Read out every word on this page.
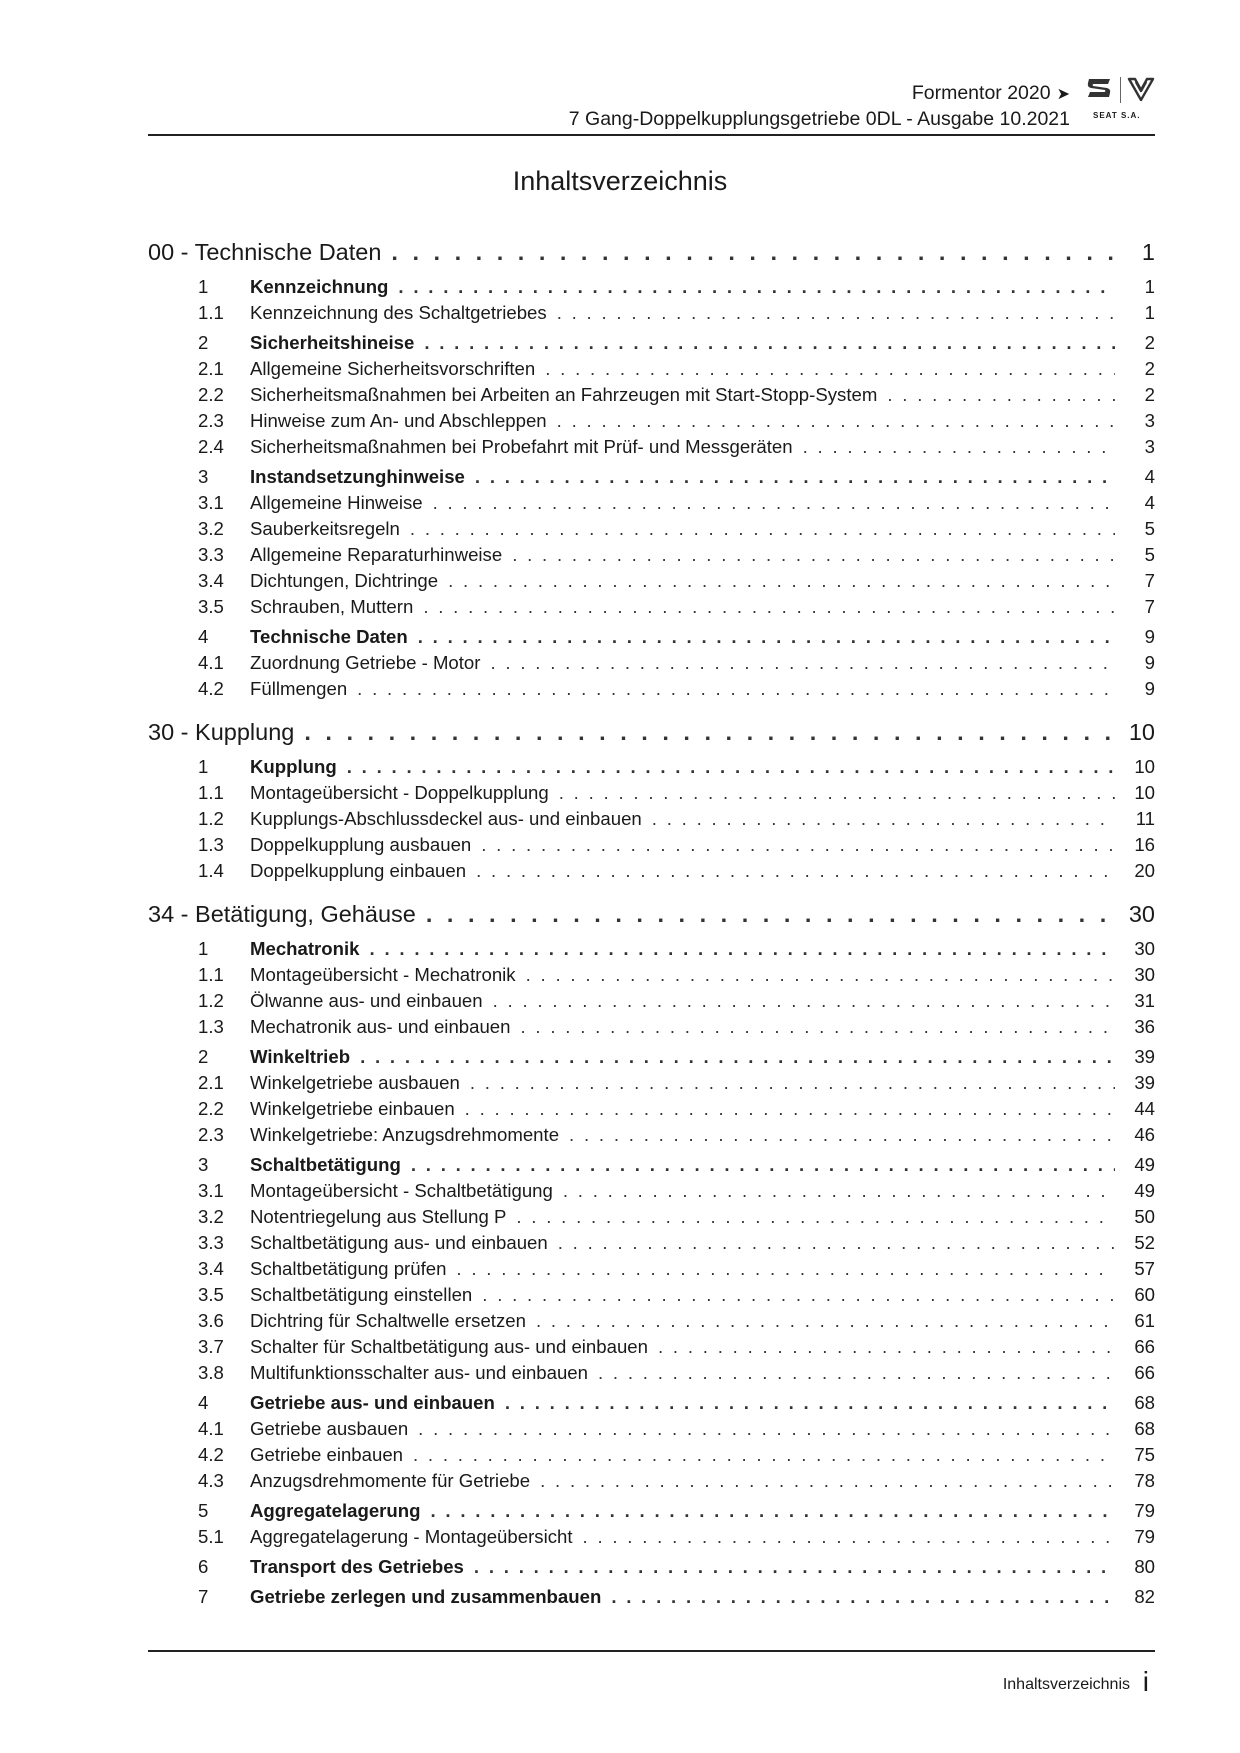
Formentor 2020 ➤
7 Gang-Doppelkupplungsgetriebe 0DL - Ausgabe 10.2021	SEAT S.A.
Inhaltsverzeichnis
00 - Technische Daten . . .	1
1	Kennzeichnung . . .	1
1.1	Kennzeichnung des Schaltgetriebes . . .	1
2	Sicherheitshineise . . .	2
2.1	Allgemeine Sicherheitsvorschriften . . .	2
2.2	Sicherheitsmaßnahmen bei Arbeiten an Fahrzeugen mit Start-Stopp-System . . .	2
2.3	Hinweise zum An- und Abschleppen . . .	3
2.4	Sicherheitsmaßnahmen bei Probefahrt mit Prüf- und Messgeräten . . .	3
3	Instandsetzunghinweise . . .	4
3.1	Allgemeine Hinweise . . .	4
3.2	Sauberkeitsregeln . . .	5
3.3	Allgemeine Reparaturhinweise . . .	5
3.4	Dichtungen, Dichtringe . . .	7
3.5	Schrauben, Muttern . . .	7
4	Technische Daten . . .	9
4.1	Zuordnung Getriebe - Motor . . .	9
4.2	Füllmengen . . .	9
30 - Kupplung . . .	10
1	Kupplung . . .	10
1.1	Montageübersicht - Doppelkupplung . . .	10
1.2	Kupplungs-Abschlussdeckel aus- und einbauen . . .	11
1.3	Doppelkupplung ausbauen . . .	16
1.4	Doppelkupplung einbauen . . .	20
34 - Betätigung, Gehäuse . . .	30
1	Mechatronik . . .	30
1.1	Montageübersicht - Mechatronik . . .	30
1.2	Ölwanne aus- und einbauen . . .	31
1.3	Mechatronik aus- und einbauen . . .	36
2	Winkeltrieb . . .	39
2.1	Winkelgetriebe ausbauen . . .	39
2.2	Winkelgetriebe einbauen . . .	44
2.3	Winkelgetriebe: Anzugsdrehmomente . . .	46
3	Schaltbetätigung . . .	49
3.1	Montageübersicht - Schaltbetätigung . . .	49
3.2	Notentriegelung aus Stellung P . . .	50
3.3	Schaltbetätigung aus- und einbauen . . .	52
3.4	Schaltbetätigung prüfen . . .	57
3.5	Schaltbetätigung einstellen . . .	60
3.6	Dichtring für Schaltwelle ersetzen . . .	61
3.7	Schalter für Schaltbetätigung aus- und einbauen . . .	66
3.8	Multifunktionsschalter aus- und einbauen . . .	66
4	Getriebe aus- und einbauen . . .	68
4.1	Getriebe ausbauen . . .	68
4.2	Getriebe einbauen . . .	75
4.3	Anzugsdrehmomente für Getriebe . . .	78
5	Aggregatelagerung . . .	79
5.1	Aggregatelagerung - Montageübersicht . . .	79
6	Transport des Getriebes . . .	80
7	Getriebe zerlegen und zusammenbauen . . .	82
Inhaltsverzeichnis i
